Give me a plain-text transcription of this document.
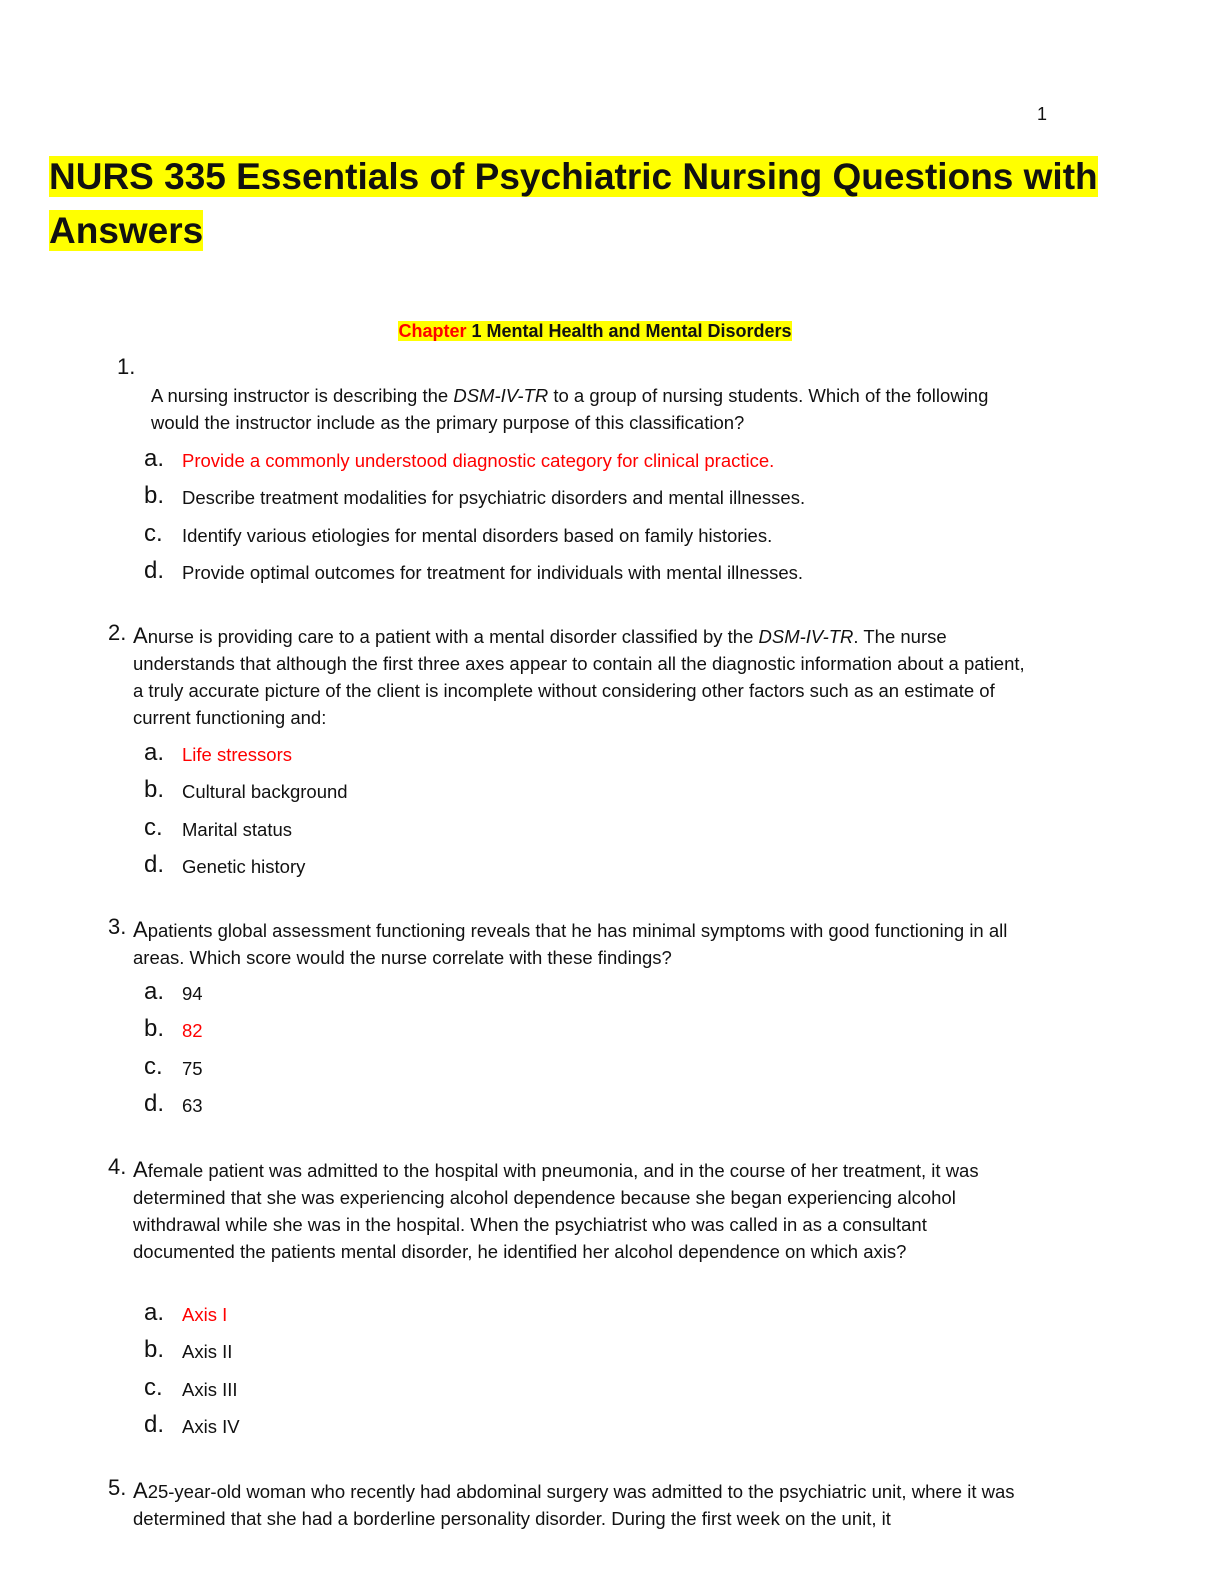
1
NURS 335 Essentials of Psychiatric Nursing Questions with Answers
Chapter 1 Mental Health and Mental Disorders
1.
A nursing instructor is describing the DSM-IV-TR to a group of nursing students. Which of the following would the instructor include as the primary purpose of this classification?
a. Provide a commonly understood diagnostic category for clinical practice.
b. Describe treatment modalities for psychiatric disorders and mental illnesses.
c. Identify various etiologies for mental disorders based on family histories.
d. Provide optimal outcomes for treatment for individuals with mental illnesses.
2. Anurse is providing care to a patient with a mental disorder classified by the DSM-IV-TR. The nurse understands that although the first three axes appear to contain all the diagnostic information about a patient, a truly accurate picture of the client is incomplete without considering other factors such as an estimate of current functioning and:
a. Life stressors
b. Cultural background
c. Marital status
d. Genetic history
3. Apatients global assessment functioning reveals that he has minimal symptoms with good functioning in all areas. Which score would the nurse correlate with these findings?
a. 94
b. 82
c. 75
d. 63
4. Afemale patient was admitted to the hospital with pneumonia, and in the course of her treatment, it was determined that she was experiencing alcohol dependence because she began experiencing alcohol withdrawal while she was in the hospital. When the psychiatrist who was called in as a consultant documented the patients mental disorder, he identified her alcohol dependence on which axis?
a. Axis I
b. Axis II
c. Axis III
d. Axis IV
5. A25-year-old woman who recently had abdominal surgery was admitted to the psychiatric unit, where it was determined that she had a borderline personality disorder. During the first week on the unit, it
